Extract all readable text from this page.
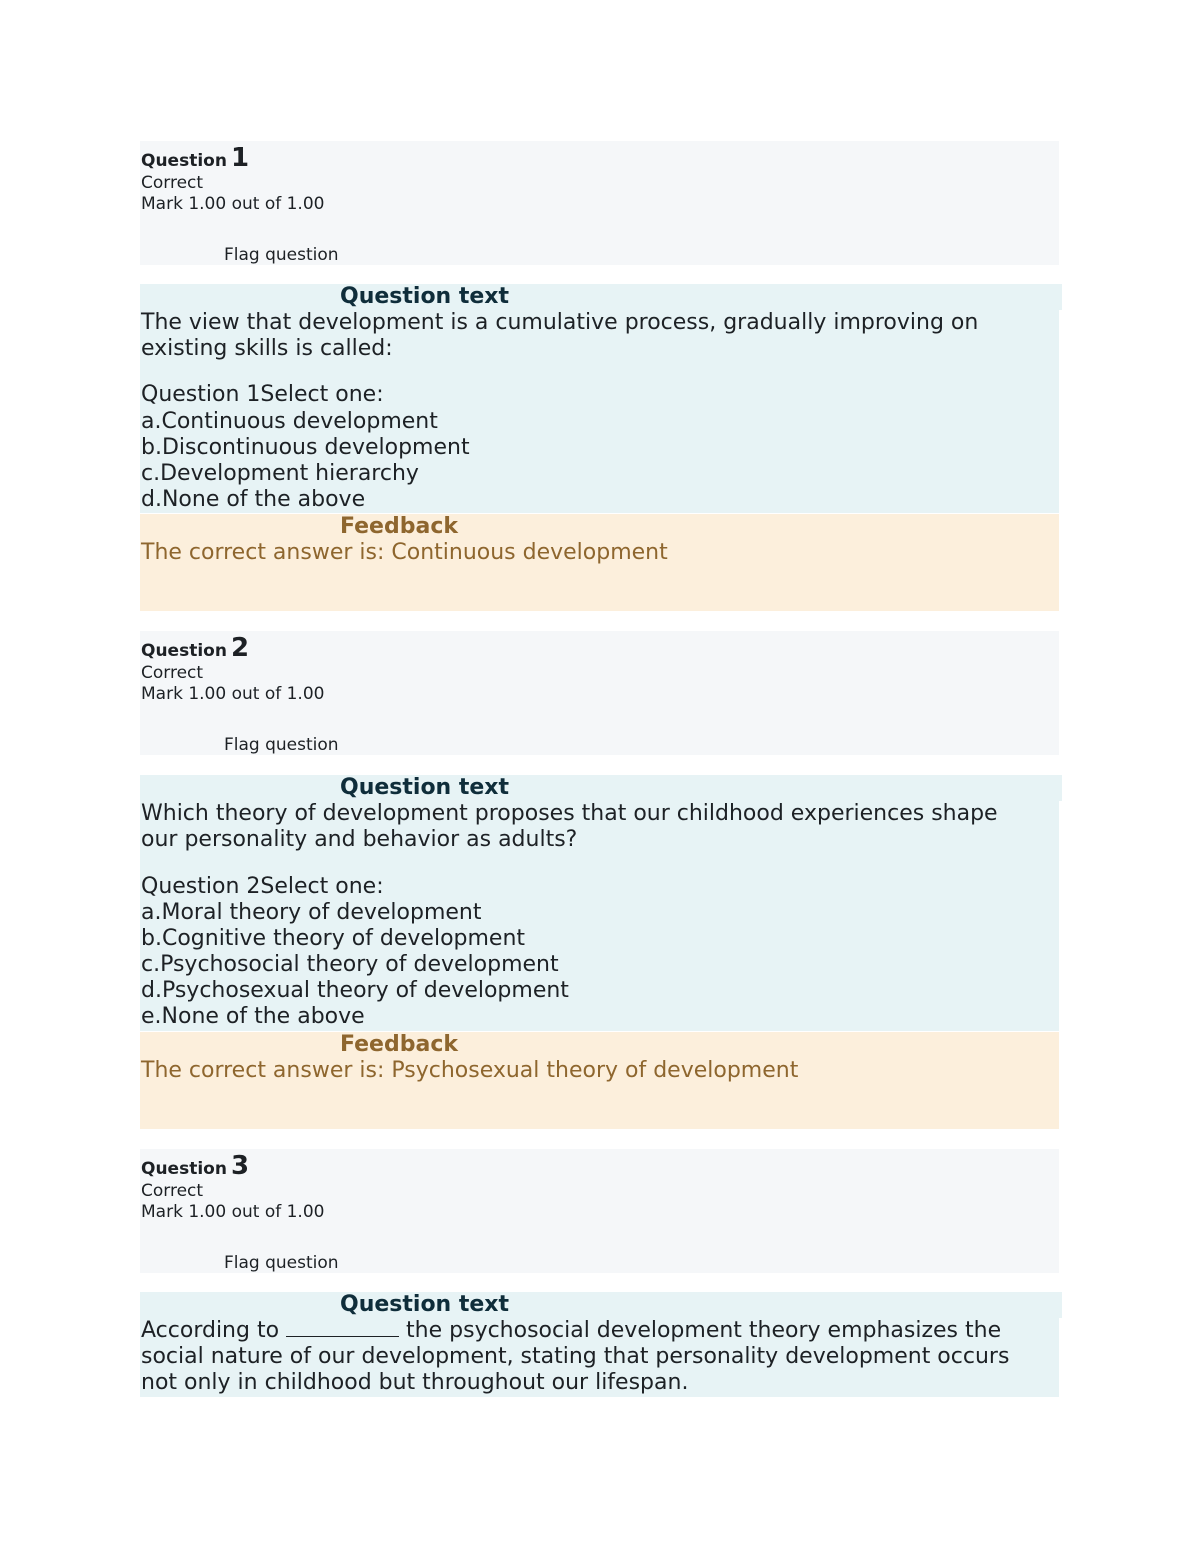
Question 1
Correct
Mark 1.00 out of 1.00
Flag question
Question text
The view that development is a cumulative process, gradually improving on existing skills is called:
Question 1Select one:
a.Continuous development
b.Discontinuous development
c.Development hierarchy
d.None of the above
Feedback
The correct answer is: Continuous development
Question 2
Correct
Mark 1.00 out of 1.00
Flag question
Question text
Which theory of development proposes that our childhood experiences shape our personality and behavior as adults?
Question 2Select one:
a.Moral theory of development
b.Cognitive theory of development
c.Psychosocial theory of development
d.Psychosexual theory of development
e.None of the above
Feedback
The correct answer is: Psychosexual theory of development
Question 3
Correct
Mark 1.00 out of 1.00
Flag question
Question text
According to	the psychosocial development theory emphasizes the social nature of our development, stating that personality development occurs not only in childhood but throughout our lifespan.
